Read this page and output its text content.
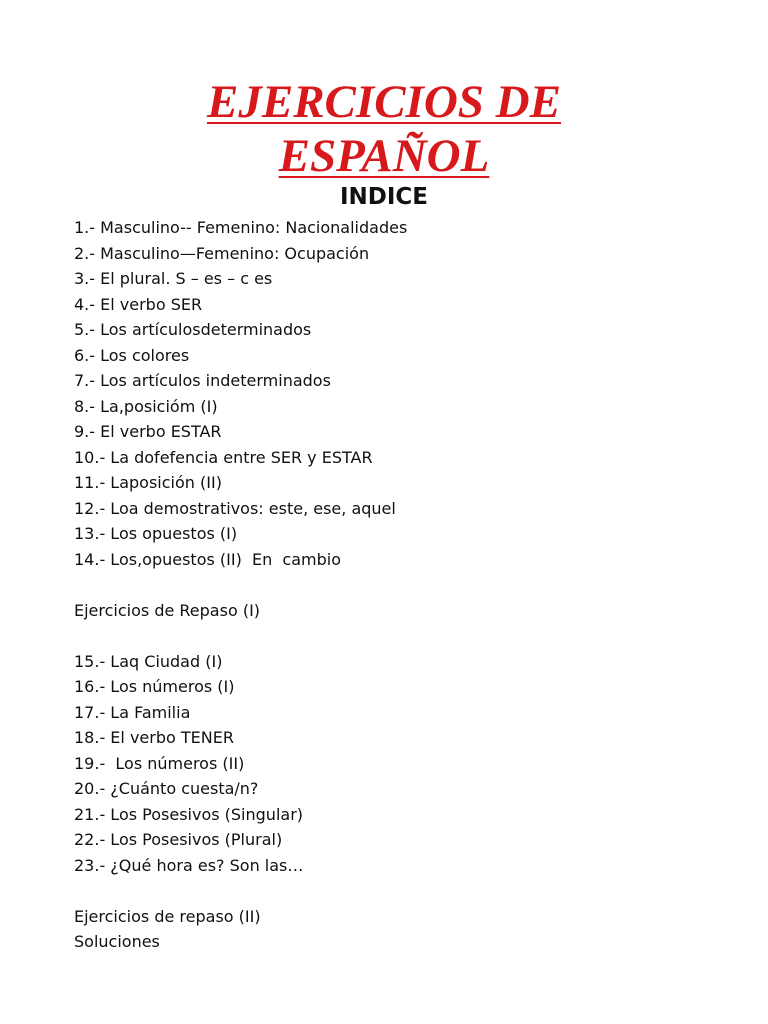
EJERCICIOS DE
ESPAÑOL
INDICE
1.- Masculino-- Femenino: Nacionalidades
2.- Masculino—Femenino: Ocupación
3.- El plural. S – es – c es
4.- El verbo SER
5.- Los artículosdeterminados
6.- Los colores
7.- Los artículos indeterminados
8.- La,posicióm (I)
9.- El verbo ESTAR
10.- La dofefencia entre SER y ESTAR
11.- Laposición (II)
12.- Loa demostrativos: este, ese, aquel
13.- Los opuestos (I)
14.- Los,opuestos (II)  En  cambio
Ejercicios de Repaso (I)
15.- Laq Ciudad (I)
16.- Los números (I)
17.- La Familia
18.- El verbo TENER
19.-  Los números (II)
20.- ¿Cuánto cuesta/n?
21.- Los Posesivos (Singular)
22.- Los Posesivos (Plural)
23.- ¿Qué hora es? Son las…
Ejercicios de repaso (II)
Soluciones
